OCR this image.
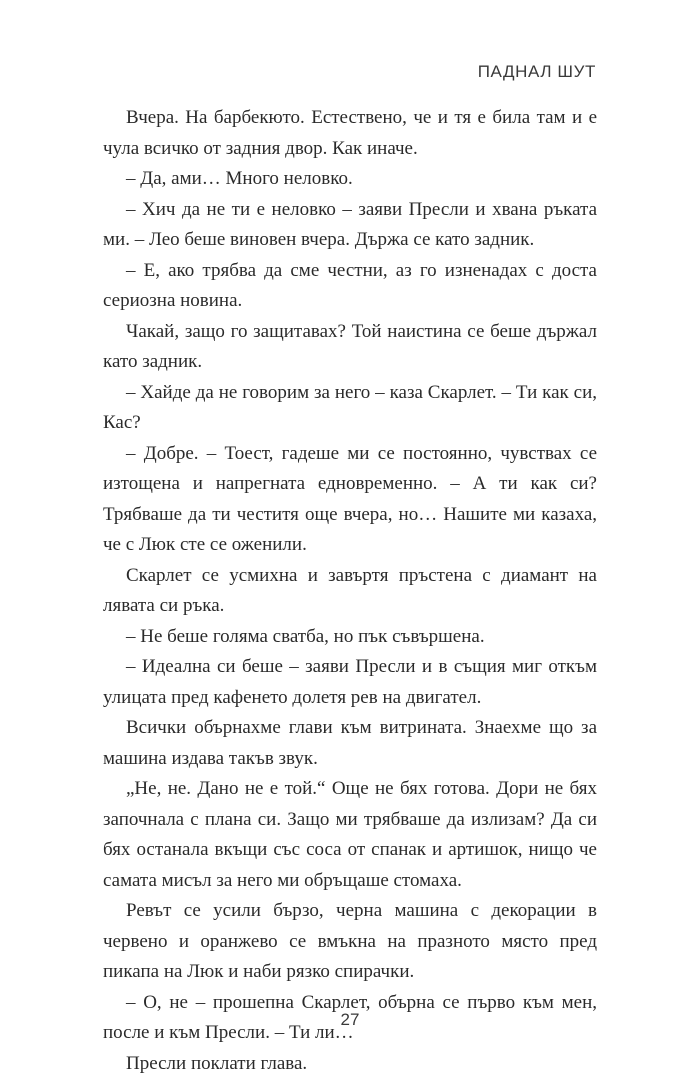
ПАДНАЛ ШУТ

Вчера. На барбекюто. Естествено, че и тя е била там и е чула всичко от задния двор. Как иначе.

– Да, ами… Много неловко.

– Хич да не ти е неловко – заяви Пресли и хвана ръката ми. – Лео беше виновен вчера. Държа се като задник.

– Е, ако трябва да сме честни, аз го изненадах с доста сериозна новина.

Чакай, защо го защитавах? Той наистина се беше държал като задник.

– Хайде да не говорим за него – каза Скарлет. – Ти как си, Кас?

– Добре. – Тоест, гадеше ми се постоянно, чувствах се изтощена и напрегната едновременно. – А ти как си? Трябваше да ти честитя още вчера, но… Нашите ми казаха, че с Люк сте се оженили.

Скарлет се усмихна и завъртя пръстена с диамант на лявата си ръка.

– Не беше голяма сватба, но пък съвършена.

– Идеална си беше – заяви Пресли и в същия миг откъм улицата пред кафенето долетя рев на двигател.

Всички обърнахме глави към витрината. Знаехме що за машина издава такъв звук.

„Не, не. Дано не е той.“ Още не бях готова. Дори не бях започнала с плана си. Защо ми трябваше да излизам? Да си бях останала вкъщи със соса от спанак и артишок, нищо че самата мисъл за него ми обръщаше стомаха.

Ревът се усили бързо, черна машина с декорации в червено и оранжево се вмъкна на празното място пред пикапа на Люк и наби рязко спирачки.

– О, не – прошепна Скарлет, обърна се първо към мен, после и към Пресли. – Ти ли…

Пресли поклати глава.

27
